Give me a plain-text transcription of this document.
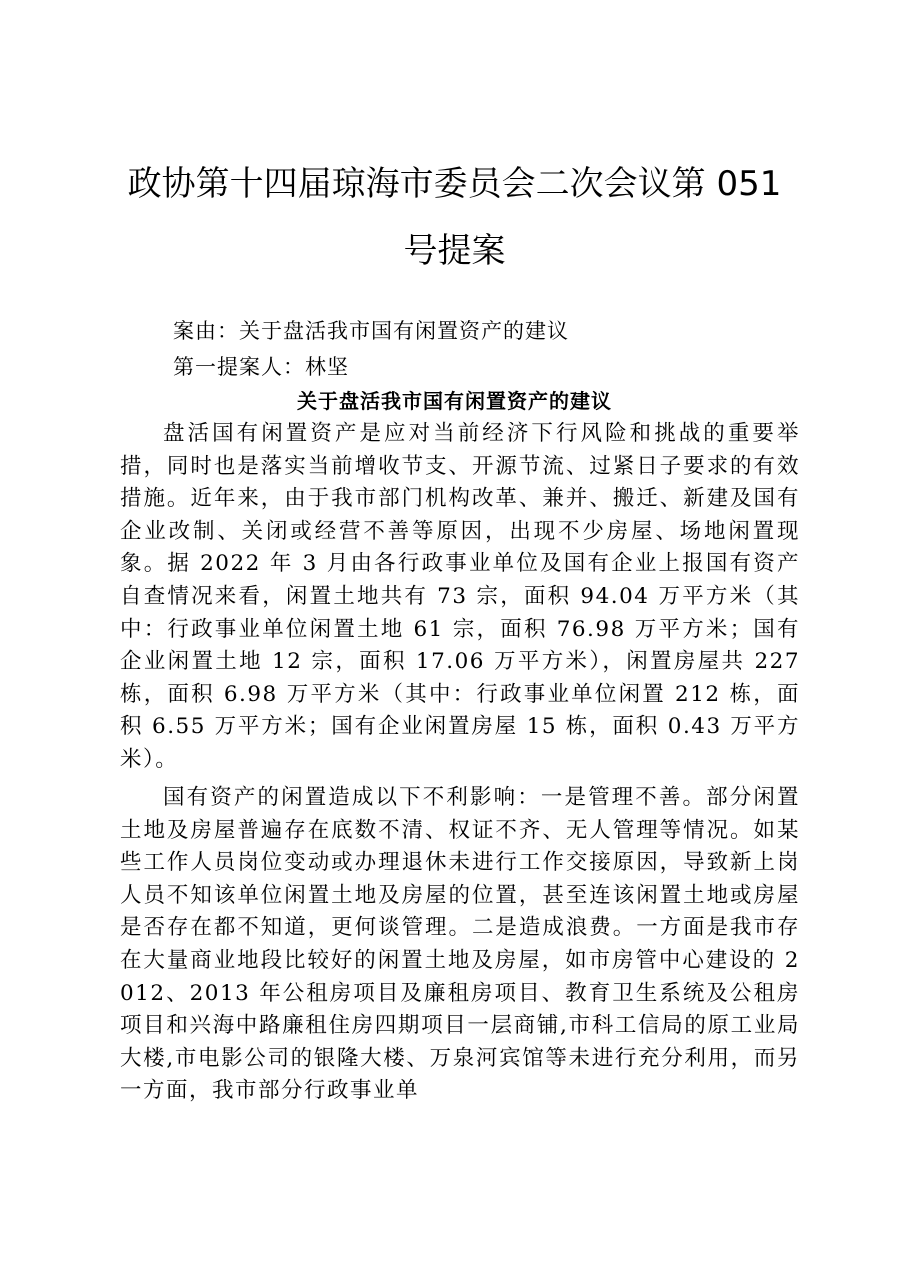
政协第十四届琼海市委员会二次会议第 051
号提案
案由：关于盘活我市国有闲置资产的建议
第一提案人：林坚
关于盘活我市国有闲置资产的建议

盘活国有闲置资产是应对当前经济下行风险和挑战的重要举措，同时也是落实当前增收节支、开源节流、过紧日子要求的有效措施。近年来，由于我市部门机构改革、兼并、搬迁、新建及国有企业改制、关闭或经营不善等原因，出现不少房屋、场地闲置现象。据 2022 年 3 月由各行政事业单位及国有企业上报国有资产自查情况来看，闲置土地共有 73 宗，面积 94.04 万平方米（其中：行政事业单位闲置土地 61 宗，面积 76.98 万平方米；国有企业闲置土地 12 宗，面积 17.06 万平方米），闲置房屋共 227 栋，面积 6.98 万平方米（其中：行政事业单位闲置 212 栋，面积 6.55 万平方米；国有企业闲置房屋 15 栋，面积 0.43 万平方米）。

国有资产的闲置造成以下不利影响：一是管理不善。部分闲置土地及房屋普遍存在底数不清、权证不齐、无人管理等情况。如某些工作人员岗位变动或办理退休未进行工作交接原因，导致新上岗人员不知该单位闲置土地及房屋的位置，甚至连该闲置土地或房屋是否存在都不知道，更何谈管理。二是造成浪费。一方面是我市存在大量商业地段比较好的闲置土地及房屋，如市房管中心建设的 2012、2013 年公租房项目及廉租房项目、教育卫生系统及公租房项目和兴海中路廉租住房四期项目一层商铺,市科工信局的原工业局大楼,市电影公司的银隆大楼、万泉河宾馆等未进行充分利用，而另一方面，我市部分行政事业单
